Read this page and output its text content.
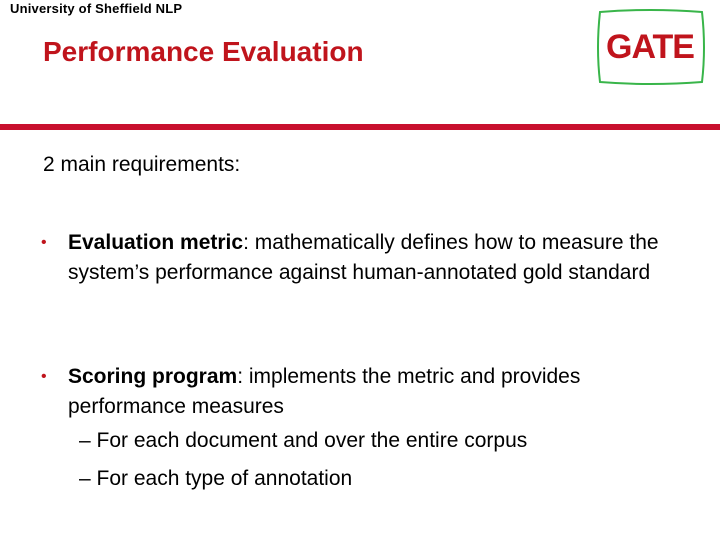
University of Sheffield NLP
Performance Evaluation	GATE
2 main requirements:
• Evaluation metric: mathematically defines how to measure the system’s performance against human-annotated gold standard
• Scoring program: implements the metric and provides performance measures
– For each document and over the entire corpus
– For each type of annotation
